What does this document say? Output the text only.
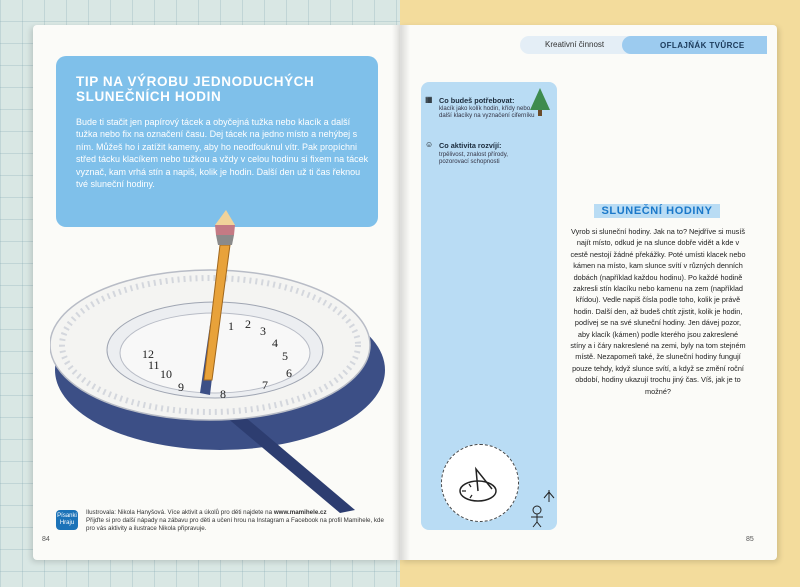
TIP NA VÝROBU JEDNODUCHÝCH SLUNEČNÍCH HODIN
Bude ti stačit jen papírový tácek a obyčejná tužka nebo klacík a další tužka nebo fix na označení času. Dej tácek na jedno místo a nehýbej s ním. Můžeš ho i zatížit kameny, aby ho neodfouknul vítr. Pak propíchni střed tácku klacíkem nebo tužkou a vždy v celou hodinu si fixem na tácek vyznač, kam vrhá stín a napiš, kolik je hodin. Další den už ti čas řeknou tvé sluneční hodiny.
12
1 2 3
4
5
6
7
8
9
10
11
Písanki Hraju
Ilustrovala: Nikola Hanyšová. Více aktivit a úkolů pro děti najdete na www.mamihele.cz
Přijďte si pro další nápady na zábavu pro děti a učení hrou na Instagram a Facebook na profil Mamihele, kde pro vás aktivity a ilustrace Nikola připravuje.
84
Kreativní činnost	OFLAJŇÁK TVŮRCE
▦ Co budeš potřebovat:
klacík jako kolík hodin, křídy nebo další klacíky na vyznačení ciferníku
☺ Co aktivita rozvíjí:
trpělivost, znalost přírody, pozorovací schopnosti
SLUNEČNÍ HODINY
Vyrob si sluneční hodiny. Jak na to? Nejdříve si musíš najít místo, odkud je na slunce dobře vidět a kde v cestě nestojí žádné překážky. Poté umísti klacek nebo kámen na místo, kam slunce svítí v různých denních dobách (například každou hodinu). Po každé hodině zakresli stín klacíku nebo kamenu na zem (například křídou). Vedle napiš čísla podle toho, kolik je právě hodin. Další den, až budeš chtít zjistit, kolik je hodin, podívej se na své sluneční hodiny. Jen dávej pozor, aby klacík (kámen) podle kterého jsou zakreslené stíny a i čáry nakreslené na zemi, byly na tom stejném místě. Nezapomeň také, že sluneční hodiny fungují pouze tehdy, když slunce svítí, a když se změní roční období, hodiny ukazují trochu jiný čas. Víš, jak je to možné?
85
